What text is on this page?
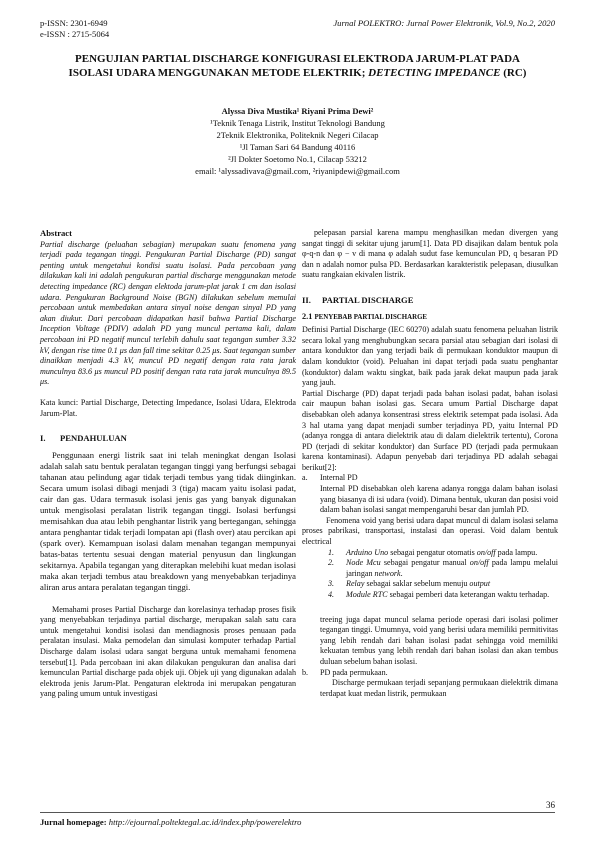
p-ISSN: 2301-6949
e-ISSN : 2715-5064
Jurnal POLEKTRO: Jurnal Power Elektronik, Vol.9, No.2, 2020
PENGUJIAN PARTIAL DISCHARGE KONFIGURASI ELEKTRODA JARUM-PLAT PADA
ISOLASI UDARA MENGGUNAKAN METODE ELEKTRIK; DETECTING IMPEDANCE (RC)
Alyssa Diva Mustika¹ Riyani Prima Dewi²
¹Teknik Tenaga Listrik, Institut Teknologi Bandung
2Teknik Elektronika, Politeknik Negeri Cilacap
¹Jl Taman Sari 64 Bandung 40116
²Jl Dokter Soetomo No.1, Cilacap 53212
email: ¹alyssadivava@gmail.com, ²riyanipdewi@gmail.com
Abstract

Partial discharge (peluahan sebagian) merupakan suatu fenomena yang terjadi pada tegangan tinggi. Pengukuran Partial Discharge (PD) sangat penting untuk mengetahui kondisi suatu isolasi. Pada percobaan yang dilakukan kali ini adalah pengukuran partial discharge menggunakan metode detecting impedance (RC) dengan elektoda jarum-plat jarak 1 cm dan isolasi udara. Pengukuran Background Noise (BGN) dilakukan sebelum memulai percobaan untuk membedakan antara sinyal noise dengan sinyal PD yang akan diukur. Dari percobaan didapatkan hasil bahwa Partial Discharge Inception Voltage (PDIV) adalah PD yang muncul pertama kali, dalam percobaan ini PD negatif muncul terlebih dahulu saat tegangan sumber 3.32 kV, dengan rise time 0.1 μs dan fall time sekitar 0.25 μs. Saat tegangan sumber dinaikkan menjadi 4.3 kV, muncul PD negatif dengan rata rata jarak munculnya 83.6 μs muncul PD positif dengan rata rata jarak munculnya 89.5 μs.

Kata kunci: Partial Discharge, Detecting Impedance, Isolasi Udara, Elektroda Jarum-Plat.

I. PENDAHULUAN

Penggunaan energi listrik saat ini telah meningkat dengan Isolasi adalah salah satu bentuk peralatan tegangan tinggi yang berfungsi sebagai tahanan atau pelindung agar tidak terjadi tembus yang tidak diinginkan. Secara umum isolasi dibagi menjadi 3 (tiga) macam yaitu isolasi padat, cair dan gas. Udara termasuk isolasi jenis gas yang banyak digunakan untuk mengisolasi peralatan listrik tegangan tinggi. Isolasi berfungsi memisahkan dua atau lebih penghantar listrik yang bertegangan, sehingga antara penghantar tidak terjadi lompatan api (flash over) atau percikan api (spark over). Kemampuan isolasi dalam menahan tegangan mempunyai batas-batas tertentu sesuai dengan material penyusun dan lingkungan sekitarnya. Apabila tegangan yang diterapkan melebihi kuat medan isolasi maka akan terjadi tembus atau breakdown yang menyebabkan terjadinya aliran arus antara peralatan tegangan tinggi.

Memahami proses Partial Discharge dan korelasinya terhadap proses fisik yang menyebabkan terjadinya partial discharge, merupakan salah satu cara untuk mengetahui kondisi isolasi dan mendiagnosis proses penuaan pada peralatan insulasi. Maka pemodelan dan simulasi komputer terhadap Partial Discharge dalam isolasi udara sangat berguna untuk memahami fenomena tersebut[1]. Pada percobaan ini akan dilakukan pengukuran dan analisa dari kemunculan Partial discharge pada objek uji. Objek uji yang digunakan adalah elektroda jenis Jarum-Plat. Pengaturan elektroda ini merupakan pengaturan yang paling umum untuk investigasi

pelepasan parsial karena mampu menghasilkan medan divergen yang sangat tinggi di sekitar ujung jarum[1]. Data PD disajikan dalam bentuk pola φ-q-n dan φ − v di mana φ adalah sudut fase kemunculan PD, q besaran PD dan n adalah nomor pulsa PD. Berdasarkan karakteristik pelepasan, diusulkan suatu rangkaian ekivalen listrik.

II. PARTIAL DISCHARGE
2.1 PENYEBAB PARTIAL DISCHARGE

Definisi Partial Discharge (IEC 60270) adalah suatu fenomena peluahan listrik secara lokal yang menghubungkan secara parsial atau sebagian dari isolasi di antara konduktor dan yang terjadi baik di permukaan konduktor maupun di dalam konduktor (void). Peluahan ini dapat terjadi pada suatu penghantar (konduktor) dalam waktu singkat, baik pada jarak dekat maupun pada jarak yang jauh.

Partial Discharge (PD) dapat terjadi pada bahan isolasi padat, bahan isolasi cair maupun bahan isolasi gas. Secara umum Partial Discharge dapat disebabkan oleh adanya konsentrasi stress elektrik setempat pada isolasi. Ada 3 hal utama yang dapat menjadi sumber terjadinya PD, yaitu Internal PD (adanya rongga di antara dielektrik atau di dalam dielektrik tertentu), Corona PD (terjadi di sekitar konduktor) dan Surface PD (terjadi pada permukaan karena kontaminasi). Adapun penyebab dari terjadinya PD adalah sebagai berikut[2]:

a.	Internal PD

Internal PD disebabkan oleh karena adanya rongga dalam bahan isolasi yang biasanya di isi udara (void). Dimana bentuk, ukuran dan posisi void dalam bahan isolasi sangat mempengaruhi besar dan jumlah PD.

Fenomena void yang berisi udara dapat muncul di dalam isolasi selama proses pabrikasi, transportasi, instalasi dan operasi. Void dalam bentuk electrical

1.	Arduino Uno sebagai pengatur otomatis on/off pada lampu.
2.	Node Mcu sebagai pengatur manual on/off pada lampu melalui jaringan network.
3.	Relay sebagai saklar sebelum menuju output
4.	Module RTC sebagai pemberi data keterangan waktu terhadap.

treeing juga dapat muncul selama periode operasi dari isolasi polimer tegangan tinggi. Umumnya, void yang berisi udara memiliki permitivitas yang lebih rendah dari bahan isolasi padat sehingga void memiliki kekuatan tembus yang lebih rendah dari bahan isolasi dan akan tembus duluan sebelum bahan isolasi.

b.	PD pada permukaan.

Discharge permukaan terjadi sepanjang permukaan dielektrik dimana terdapat kuat medan listrik, permukaan

36
Jurnal homepage: http://ejournal.poltektegal.ac.id/index.php/powerelektro
